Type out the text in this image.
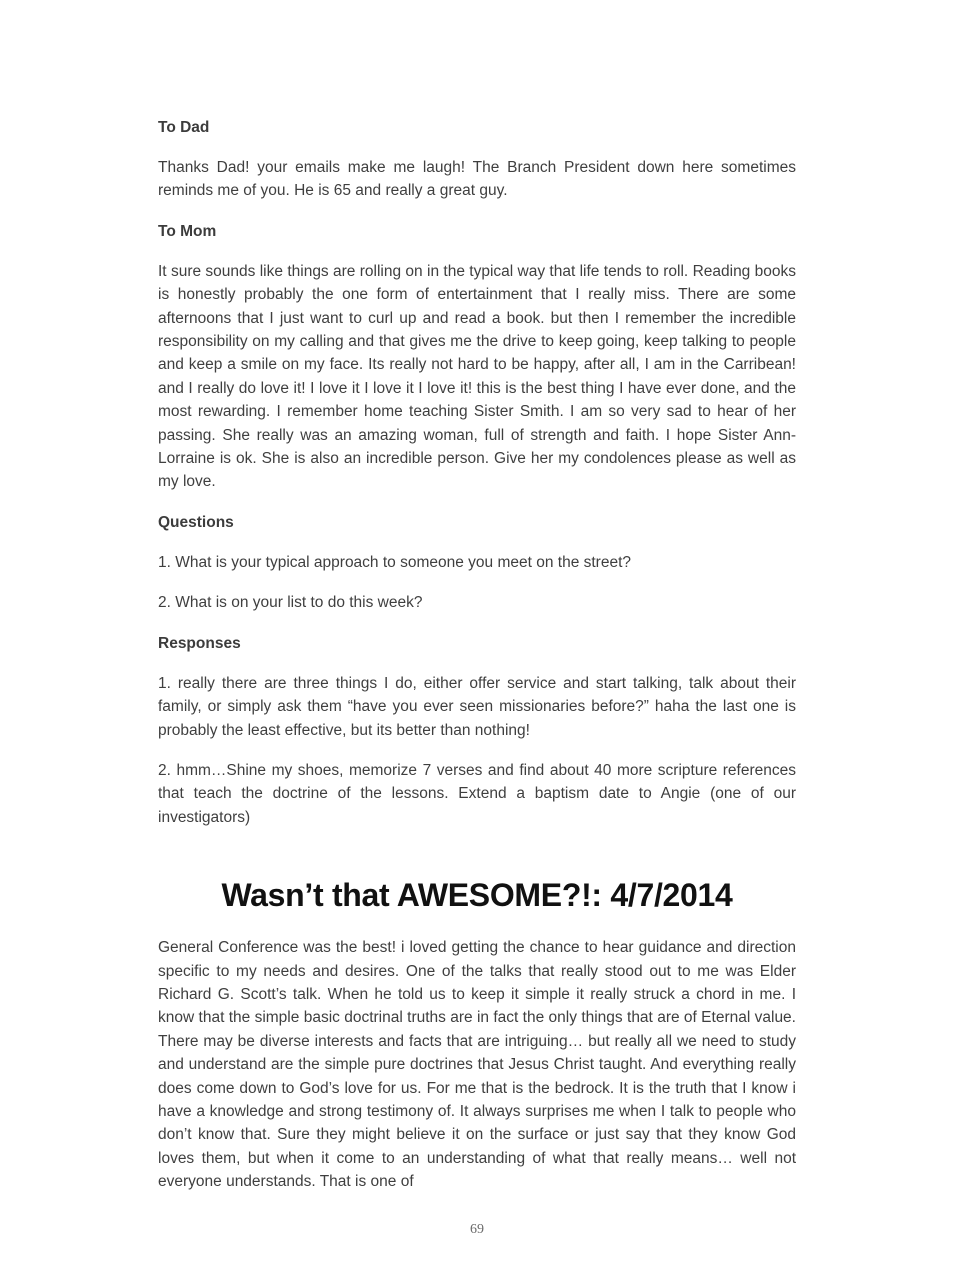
To Dad

Thanks Dad! your emails make me laugh! The Branch President down here sometimes reminds me of you. He is 65 and really a great guy.

To Mom

It sure sounds like things are rolling on in the typical way that life tends to roll. Reading books is honestly probably the one form of entertainment that I really miss. There are some afternoons that I just want to curl up and read a book. but then I remember the incredible responsibility on my calling and that gives me the drive to keep going, keep talking to people and keep a smile on my face. Its really not hard to be happy, after all, I am in the Carribean! and I really do love it! I love it I love it I love it! this is the best thing I have ever done, and the most rewarding. I remember home teaching Sister Smith. I am so very sad to hear of her passing. She really was an amazing woman, full of strength and faith. I hope Sister Ann-Lorraine is ok. She is also an incredible person. Give her my condolences please as well as my love.

Questions

1. What is your typical approach to someone you meet on the street?

2. What is on your list to do this week?

Responses

1. really there are three things I do, either offer service and start talking, talk about their family, or simply ask them “have you ever seen missionaries before?” haha the last one is probably the least effective, but its better than nothing!

2. hmm…Shine my shoes, memorize 7 verses and find about 40 more scripture references that teach the doctrine of the lessons. Extend a baptism date to Angie (one of our investigators)

Wasn’t that AWESOME?!: 4/7/2014

General Conference was the best! i loved getting the chance to hear guidance and direction specific to my needs and desires. One of the talks that really stood out to me was Elder Richard G. Scott’s talk. When he told us to keep it simple it really struck a chord in me. I know that the simple basic doctrinal truths are in fact the only things that are of Eternal value. There may be diverse interests and facts that are intriguing… but really all we need to study and understand are the simple pure doctrines that Jesus Christ taught. And everything really does come down to God’s love for us. For me that is the bedrock. It is the truth that I know i have a knowledge and strong testimony of. It always surprises me when I talk to people who don’t know that. Sure they might believe it on the surface or just say that they know God loves them, but when it come to an understanding of what that really means… well not everyone understands. That is one of

69
